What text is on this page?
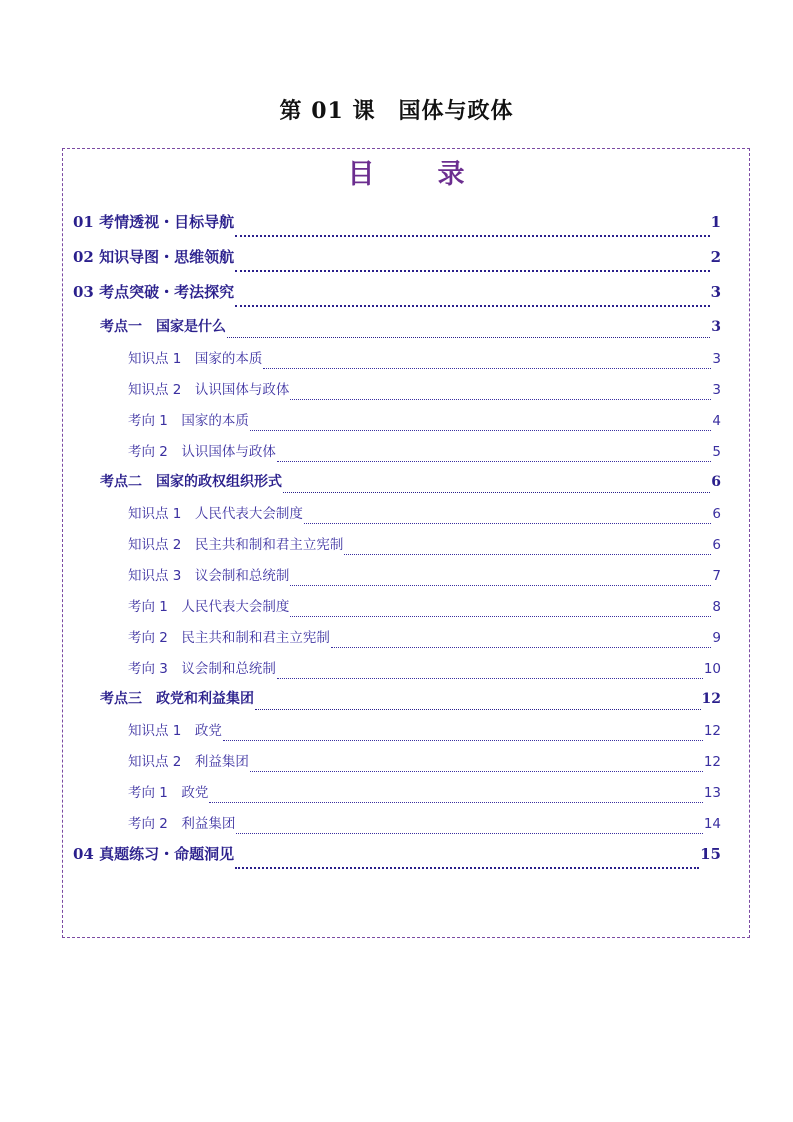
第 01 课　国体与政体
目　录
01 考情透视・目标导航	1
02 知识导图・思维领航	2
03 考点突破・考法探究	3
考点一　国家是什么	3
知识点 1　国家的本质	3
知识点 2　认识国体与政体	3
考向 1　国家的本质	4
考向 2　认识国体与政体	5
考点二　国家的政权组织形式	6
知识点 1　人民代表大会制度	6
知识点 2　民主共和制和君主立宪制	6
知识点 3　议会制和总统制	7
考向 1　人民代表大会制度	8
考向 2　民主共和制和君主立宪制	9
考向 3　议会制和总统制	10
考点三　政党和利益集团	12
知识点 1　政党	12
知识点 2　利益集团	12
考向 1　政党	13
考向 2　利益集团	14
04 真题练习・命题洞见	15
